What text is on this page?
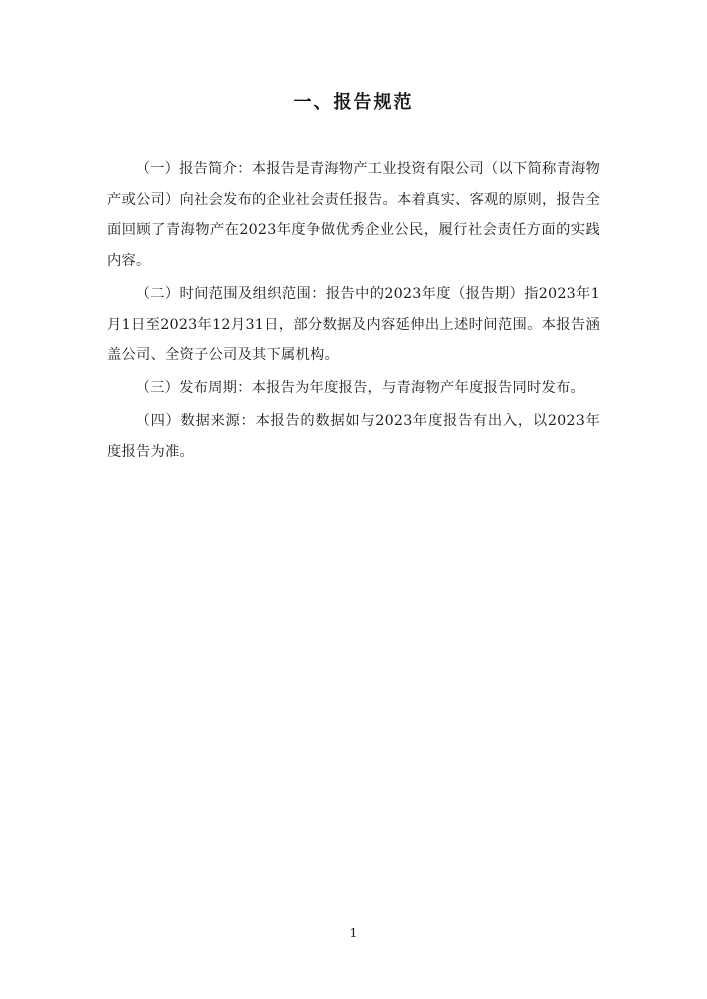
一、报告规范

（一）报告简介：本报告是青海物产工业投资有限公司（以下简称青海物产或公司）向社会发布的企业社会责任报告。本着真实、客观的原则，报告全面回顾了青海物产在2023年度争做优秀企业公民，履行社会责任方面的实践内容。

（二）时间范围及组织范围：报告中的2023年度（报告期）指2023年1月1日至2023年12月31日，部分数据及内容延伸出上述时间范围。本报告涵盖公司、全资子公司及其下属机构。

（三）发布周期：本报告为年度报告，与青海物产年度报告同时发布。

（四）数据来源：本报告的数据如与2023年度报告有出入，以2023年度报告为准。

1
